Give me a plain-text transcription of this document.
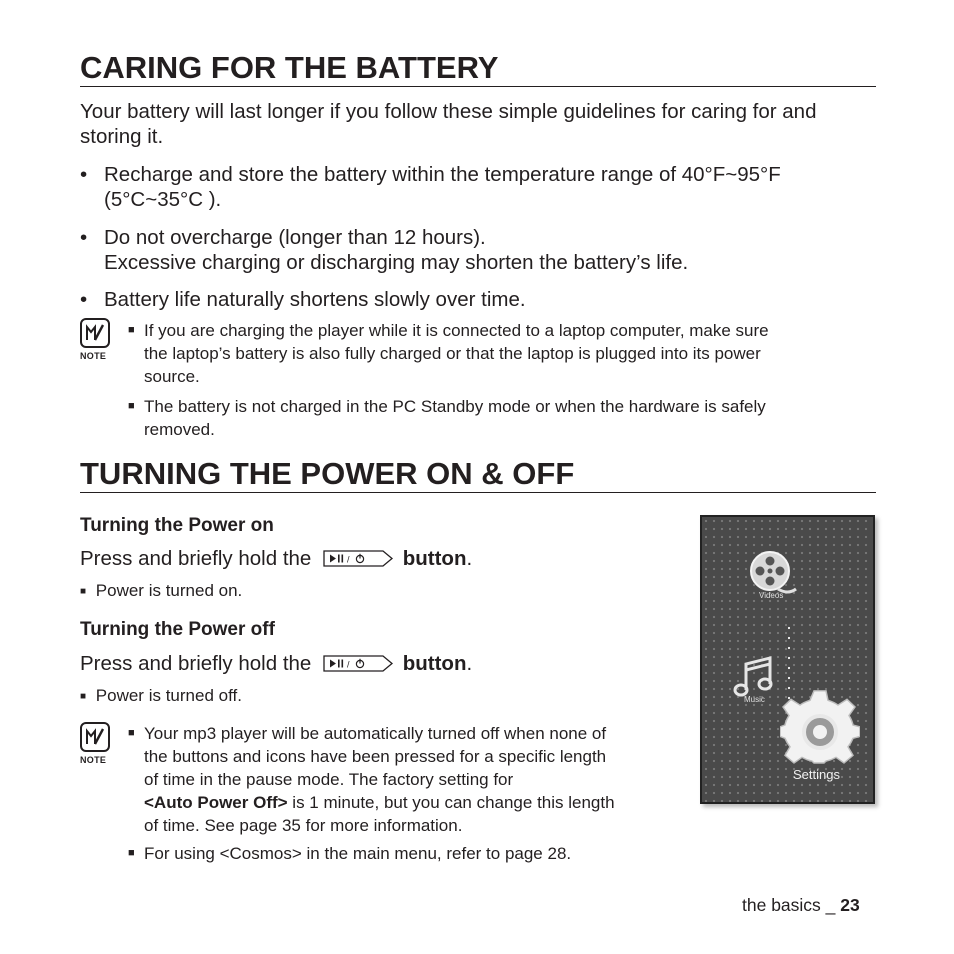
CARING FOR THE BATTERY
Your battery will last longer if you follow these simple guidelines for caring for and storing it.
• Recharge and store the battery within the temperature range of 40°F~95°F
(5°C~35°C ).
• Do not overcharge (longer than 12 hours).
Excessive charging or discharging may shorten the battery’s life.
• Battery life naturally shortens slowly over time.
NOTE
■ If you are charging the player while it is connected to a laptop computer, make sure
the laptop’s battery is also fully charged or that the laptop is plugged into its power
source.
■ The battery is not charged in the PC Standby mode or when the hardware is safely
removed.
TURNING THE POWER ON & OFF
Turning the Power on
Press and briefly hold the	/	button.
■ Power is turned on.
Turning the Power off
Press and briefly hold the	/	button.
■ Power is turned off.
NOTE
■ Your mp3 player will be automatically turned off when none of
the buttons and icons have been pressed for a specific length
of time in the pause mode. The factory setting for
<Auto Power Off> is 1 minute, but you can change this length
of time. See page 35 for more information.
■ For using <Cosmos> in the main menu, refer to page 28.
Videos
Music
Settings
the basics _ 23
